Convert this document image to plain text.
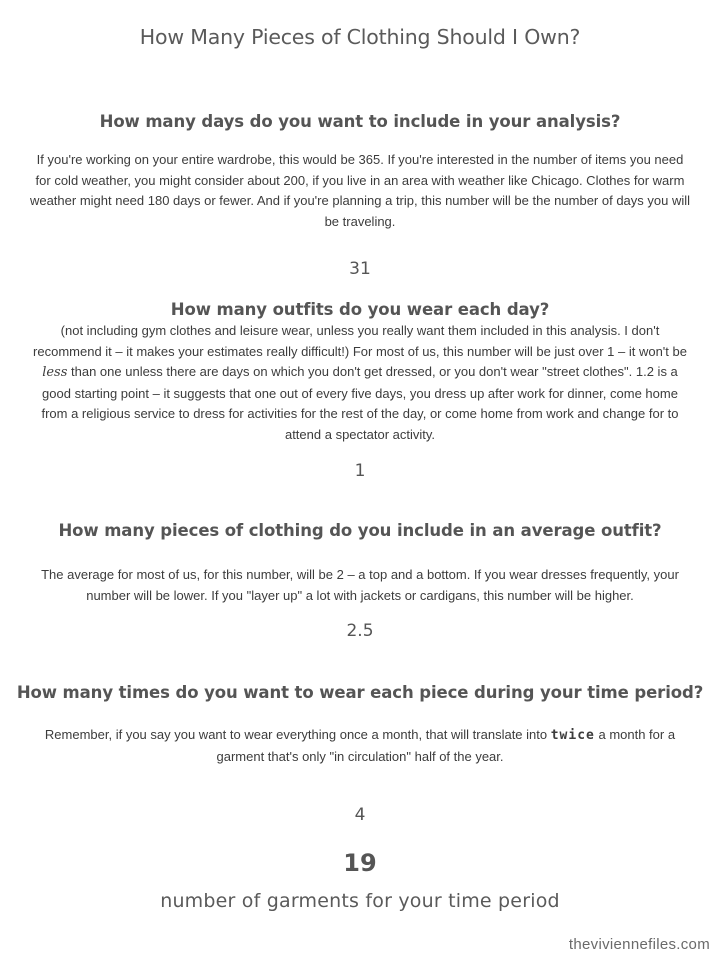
How Many Pieces of Clothing Should I Own?
How many days do you want to include in your analysis?
If you're working on your entire wardrobe, this would be 365. If you're interested in the number of items you need for cold weather, you might consider about 200, if you live in an area with weather like Chicago. Clothes for warm weather might need 180 days or fewer. And if you're planning a trip, this number will be the number of days you will be traveling.
31
How many outfits do you wear each day?
(not including gym clothes and leisure wear, unless you really want them included in this analysis. I don't recommend it – it makes your estimates really difficult!) For most of us, this number will be just over 1 – it won't be less than one unless there are days on which you don't get dressed, or you don't wear "street clothes". 1.2 is a good starting point – it suggests that one out of every five days, you dress up after work for dinner, come home from a religious service to dress for activities for the rest of the day, or come home from work and change for to attend a spectator activity.
1
How many pieces of clothing do you include in an average outfit?
The average for most of us, for this number, will be 2 – a top and a bottom. If you wear dresses frequently, your number will be lower. If you "layer up" a lot with jackets or cardigans, this number will be higher.
2.5
How many times do you want to wear each piece during your time period?
Remember, if you say you want to wear everything once a month, that will translate into twice a month for a garment that's only "in circulation" half of the year.
4
19
number of garments for your time period
theviviennefiles.com
